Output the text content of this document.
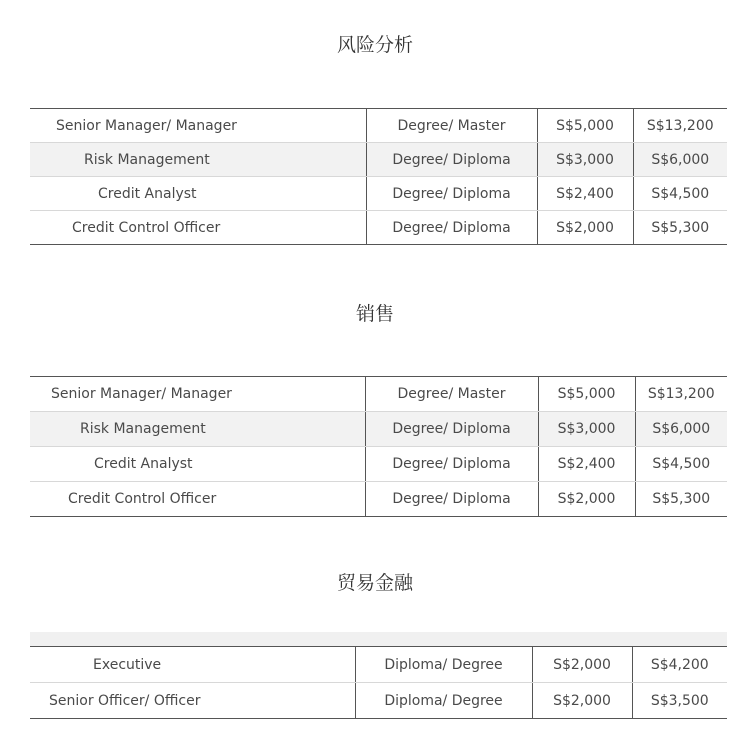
风险分析
Senior Manager/ Manager	Degree/ Master	S$5,000	S$13,200
Risk Management	Degree/ Diploma	S$3,000	S$6,000
Credit Analyst	Degree/ Diploma	S$2,400	S$4,500
Credit Control Officer	Degree/ Diploma	S$2,000	S$5,300
销售
Senior Manager/ Manager	Degree/ Master	S$5,000	S$13,200
Risk Management	Degree/ Diploma	S$3,000	S$6,000
Credit Analyst	Degree/ Diploma	S$2,400	S$4,500
Credit Control Officer	Degree/ Diploma	S$2,000	S$5,300
贸易金融
Executive	Diploma/ Degree	S$2,000	S$4,200
Senior Officer/ Officer	Diploma/ Degree	S$2,000	S$3,500
